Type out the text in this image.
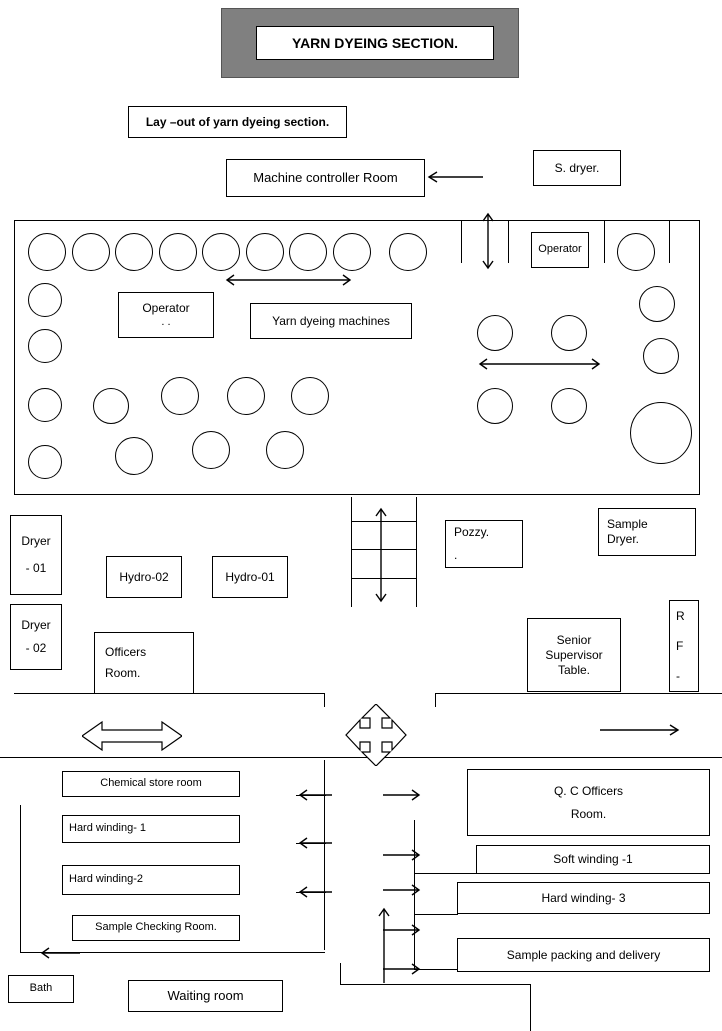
YARN DYEING SECTION.
Lay –out of yarn dyeing section.
Machine controller Room
S. dryer.
Operator
Operator
. .	Yarn dyeing machines
Dryer
- 01
Dryer
- 02
Hydro-02	Hydro-01
Pozzy.
.
Sample
Dryer.
Officers
Room.
Senior
Supervisor
Table.
R
F
-
Chemical store room
Hard winding- 1
Hard winding-2
Sample Checking Room.
Q. C Officers
Room.
Soft winding -1
Hard winding- 3
Sample packing and delivery
Bath	Waiting room
